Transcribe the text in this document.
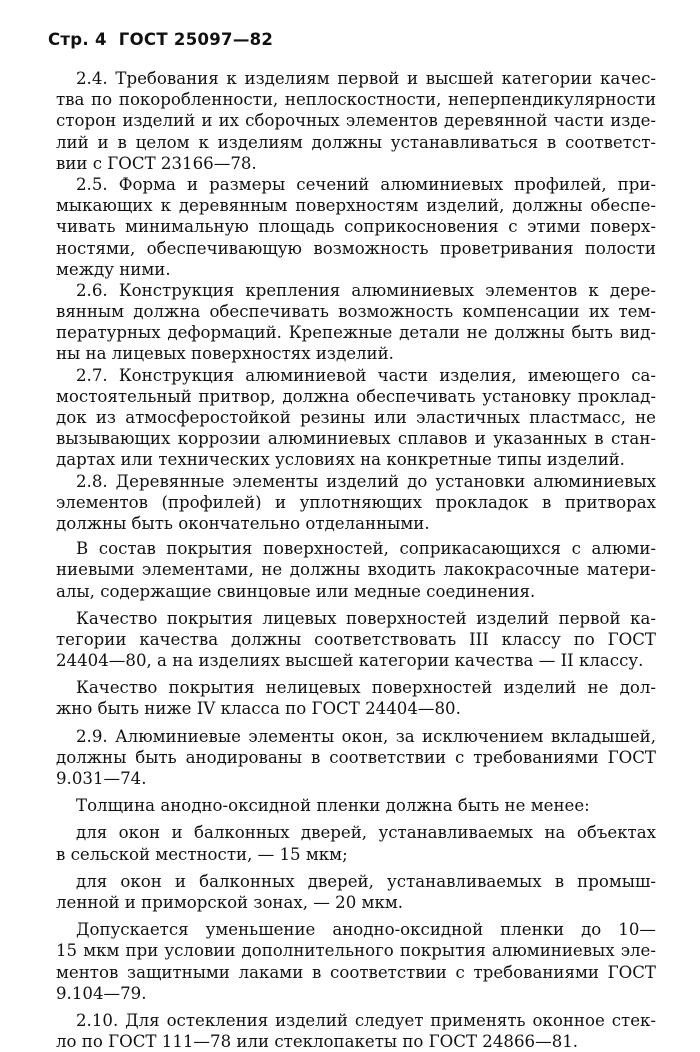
Стр. 4 ГОСТ 25097—82
2.4. Требования к изделиям первой и высшей категории качес-
тва по покоробленности, неплоскостности, неперпендикулярности
сторон изделий и их сборочных элементов деревянной части изде-
лий и в целом к изделиям должны устанавливаться в соответст-
вии с ГОСТ 23166—78.
2.5. Форма и размеры сечений алюминиевых профилей, при-
мыкающих к деревянным поверхностям изделий, должны обеспе-
чивать минимальную площадь соприкосновения с этими поверх-
ностями, обеспечивающую возможность проветривания полости
между ними.
2.6. Конструкция крепления алюминиевых элементов к дере-
вянным должна обеспечивать возможность компенсации их тем-
пературных деформаций. Крепежные детали не должны быть вид-
ны на лицевых поверхностях изделий.
2.7. Конструкция алюминиевой части изделия, имеющего са-
мостоятельный притвор, должна обеспечивать установку проклад-
док из атмосферостойкой резины или эластичных пластмасс, не
вызывающих коррозии алюминиевых сплавов и указанных в стан-
дартах или технических условиях на конкретные типы изделий.
2.8. Деревянные элементы изделий до установки алюминиевых
элементов (профилей) и уплотняющих прокладок в притворах
должны быть окончательно отделанными.
В состав покрытия поверхностей, соприкасающихся с алюми-
ниевыми элементами, не должны входить лакокрасочные матери-
алы, содержащие свинцовые или медные соединения.
Качество покрытия лицевых поверхностей изделий первой ка-
тегории качества должны соответствовать III классу по ГОСТ
24404—80, а на изделиях высшей категории качества — II классу.
Качество покрытия нелицевых поверхностей изделий не дол-
жно быть ниже IV класса по ГОСТ 24404—80.
2.9. Алюминиевые элементы окон, за исключением вкладышей,
должны быть анодированы в соответствии с требованиями ГОСТ
9.031—74.
Толщина анодно-оксидной пленки должна быть не менее:
для окон и балконных дверей, устанавливаемых на объектах
в сельской местности, — 15 мкм;
для окон и балконных дверей, устанавливаемых в промыш-
ленной и приморской зонах, — 20 мкм.
Допускается уменьшение анодно-оксидной пленки до 10—
15 мкм при условии дополнительного покрытия алюминиевых эле-
ментов защитными лаками в соответствии с требованиями ГОСТ
9.104—79.
2.10. Для остекления изделий следует применять оконное стек-
ло по ГОСТ 111—78 или стеклопакеты по ГОСТ 24866—81.
